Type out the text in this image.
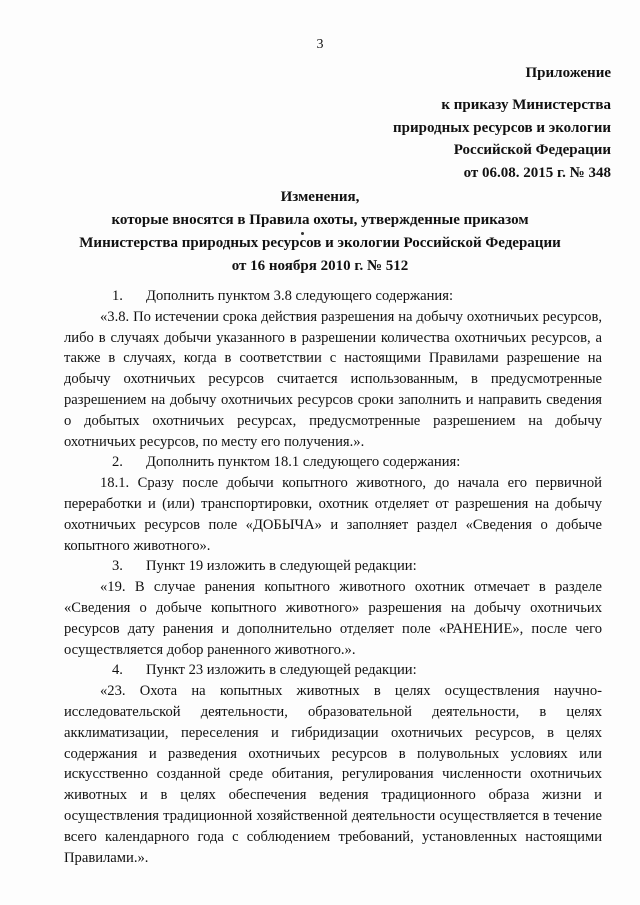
3
Приложение
к приказу Министерства
природных ресурсов и экологии
Российской Федерации
от 06.08. 2015 г. № 348
Изменения,
которые вносятся в Правила охоты, утвержденные приказом
Министерства природных ресурсов и экологии Российской Федерации
от 16 ноября 2010 г. № 512

1. Дополнить пунктом 3.8 следующего содержания:

«3.8. По истечении срока действия разрешения на добычу охотничьих ресурсов, либо в случаях добычи указанного в разрешении количества охотничьих ресурсов, а также в случаях, когда в соответствии с настоящими Правилами разрешение на добычу охотничьих ресурсов считается использованным, в предусмотренные разрешением на добычу охотничьих ресурсов сроки заполнить и направить сведения о добытых охотничьих ресурсах, предусмотренные разрешением на добычу охотничьих ресурсов, по месту его получения.».

2. Дополнить пунктом 18.1 следующего содержания:

18.1. Сразу после добычи копытного животного, до начала его первичной переработки и (или) транспортировки, охотник отделяет от разрешения на добычу охотничьих ресурсов поле «ДОБЫЧА» и заполняет раздел «Сведения о добыче копытного животного».

3. Пункт 19 изложить в следующей редакции:

«19. В случае ранения копытного животного охотник отмечает в разделе «Сведения о добыче копытного животного» разрешения на добычу охотничьих ресурсов дату ранения и дополнительно отделяет поле «РАНЕНИЕ», после чего осуществляется добор раненного животного.».

4. Пункт 23 изложить в следующей редакции:

«23. Охота на копытных животных в целях осуществления научно-исследовательской деятельности, образовательной деятельности, в целях акклиматизации, переселения и гибридизации охотничьих ресурсов, в целях содержания и разведения охотничьих ресурсов в полувольных условиях или искусственно созданной среде обитания, регулирования численности охотничьих животных и в целях обеспечения ведения традиционного образа жизни и осуществления традиционной хозяйственной деятельности осуществляется в течение всего календарного года с соблюдением требований, установленных настоящими Правилами.».
